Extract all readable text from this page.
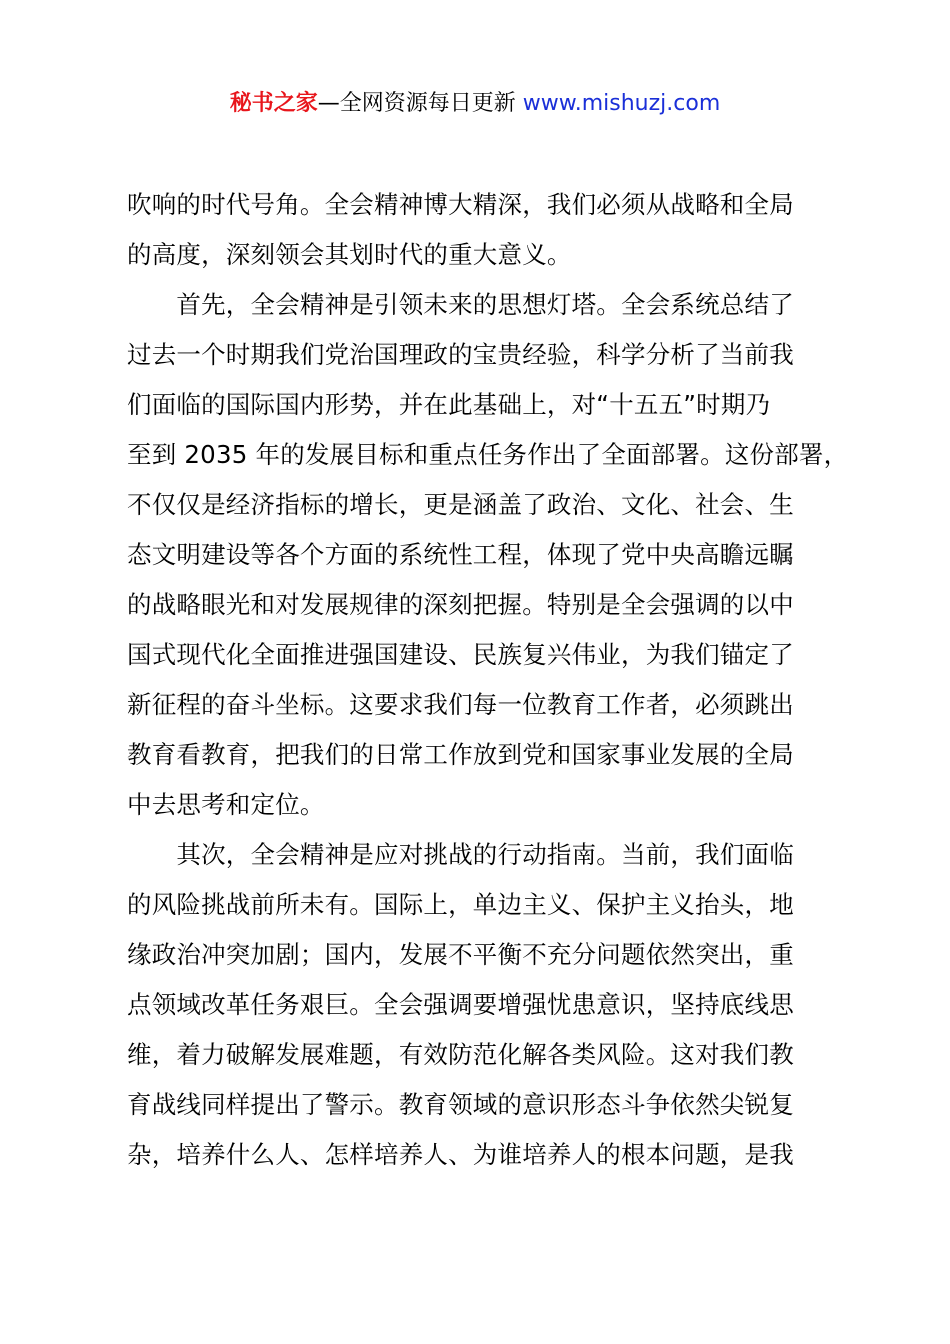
秘书之家—全网资源每日更新 www.mishuzj.com
吹响的时代号角。全会精神博大精深，我们必须从战略和全局
的高度，深刻领会其划时代的重大意义。
　　首先，全会精神是引领未来的思想灯塔。全会系统总结了
过去一个时期我们党治国理政的宝贵经验，科学分析了当前我
们面临的国际国内形势，并在此基础上，对“十五五”时期乃
至到 2035 年的发展目标和重点任务作出了全面部署。这份部署，
不仅仅是经济指标的增长，更是涵盖了政治、文化、社会、生
态文明建设等各个方面的系统性工程，体现了党中央高瞻远瞩
的战略眼光和对发展规律的深刻把握。特别是全会强调的以中
国式现代化全面推进强国建设、民族复兴伟业，为我们锚定了
新征程的奋斗坐标。这要求我们每一位教育工作者，必须跳出
教育看教育，把我们的日常工作放到党和国家事业发展的全局
中去思考和定位。
　　其次，全会精神是应对挑战的行动指南。当前，我们面临
的风险挑战前所未有。国际上，单边主义、保护主义抬头，地
缘政治冲突加剧；国内，发展不平衡不充分问题依然突出，重
点领域改革任务艰巨。全会强调要增强忧患意识，坚持底线思
维，着力破解发展难题，有效防范化解各类风险。这对我们教
育战线同样提出了警示。教育领域的意识形态斗争依然尖锐复
杂，培养什么人、怎样培养人、为谁培养人的根本问题，是我
